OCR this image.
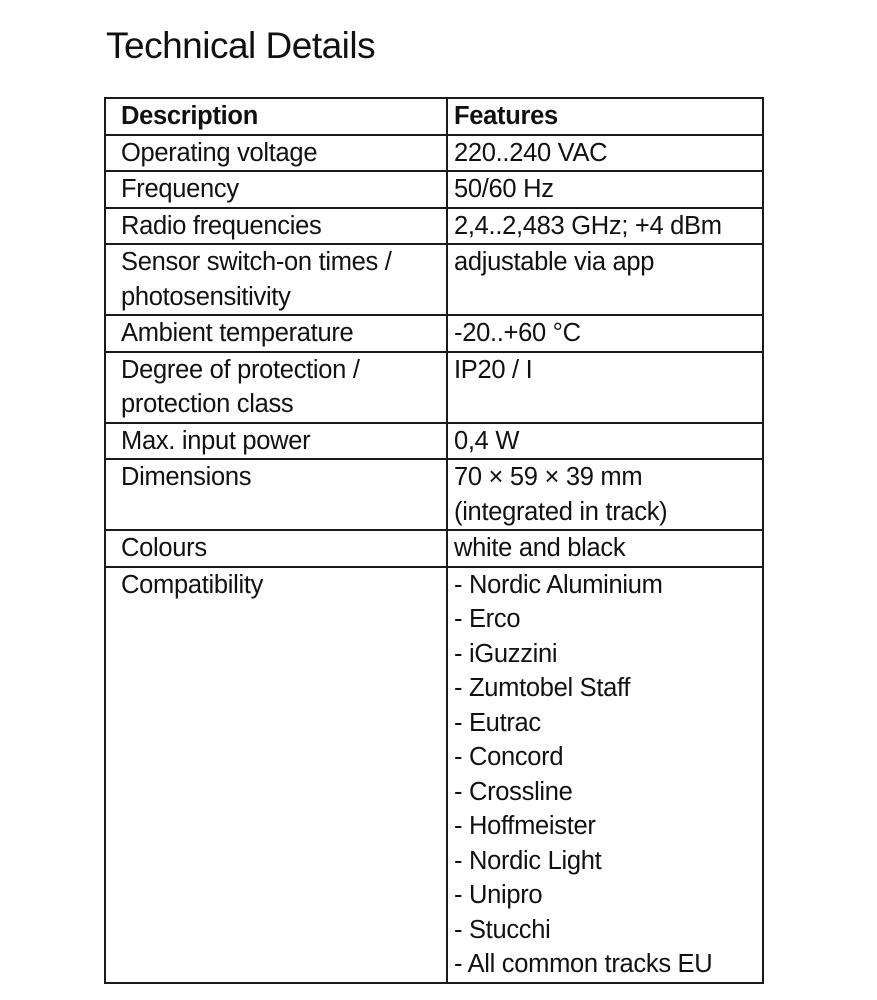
Technical Details
Description	Features

Operating voltage	220..240 VAC

Frequency	50/60 Hz

Radio frequencies	2,4..2,483 GHz; +4 dBm

Sensor switch-on times /
photosensitivity	adjustable via app

Ambient temperature	-20..+60 °C

Degree of protection /
protection class	IP20 / I

Max. input power	0,4 W

Dimensions	70 × 59 × 39 mm
(integrated in track)

Colours	white and black

Compatibility	- Nordic Aluminium
- Erco
- iGuzzini
- Zumtobel Staff
- Eutrac
- Concord
- Crossline
- Hoffmeister
- Nordic Light
- Unipro
- Stucchi
- All common tracks EU
